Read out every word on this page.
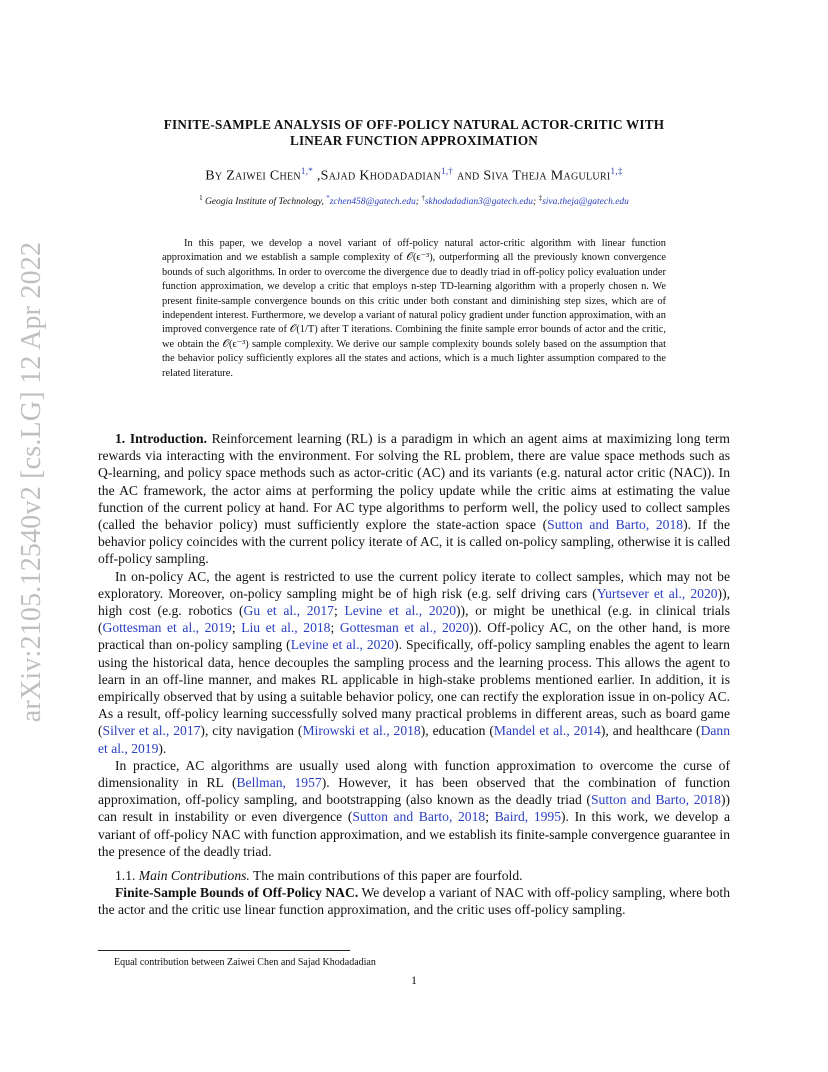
arXiv:2105.12540v2 [cs.LG] 12 Apr 2022
FINITE-SAMPLE ANALYSIS OF OFF-POLICY NATURAL ACTOR-CRITIC WITH
LINEAR FUNCTION APPROXIMATION
By Zaiwei Chen$^{1,*}$ ,Sajad Khodadadian$^{1,\dagger}$ and Siva Theja Maguluri$^{1,\ddagger}$
$^1$ Geogia Institute of Technology, *zchen458@gatech.edu; †skhodadadian3@gatech.edu; ‡siva.theja@gatech.edu

In this paper, we develop a novel variant of off-policy natural actor-critic algorithm with linear function approximation and we establish a sample complexity of 𝒪(ϵ⁻³), outperforming all the previously known convergence bounds of such algorithms. In order to overcome the divergence due to deadly triad in off-policy policy evaluation under function approximation, we develop a critic that employs n-step TD-learning algorithm with a properly chosen n. We present finite-sample convergence bounds on this critic under both constant and diminishing step sizes, which are of independent interest. Furthermore, we develop a variant of natural policy gradient under function approximation, with an improved convergence rate of 𝒪(1/T) after T iterations. Combining the finite sample error bounds of actor and the critic, we obtain the 𝒪(ϵ⁻³) sample complexity. We derive our sample complexity bounds solely based on the assumption that the behavior policy sufficiently explores all the states and actions, which is a much lighter assumption compared to the related literature.

1. Introduction. Reinforcement learning (RL) is a paradigm in which an agent aims at maximizing long term rewards via interacting with the environment. For solving the RL problem, there are value space methods such as Q-learning, and policy space methods such as actor-critic (AC) and its variants (e.g. natural actor critic (NAC)). In the AC framework, the actor aims at performing the policy update while the critic aims at estimating the value function of the current policy at hand. For AC type algorithms to perform well, the policy used to collect samples (called the behavior policy) must sufficiently explore the state-action space (Sutton and Barto, 2018). If the behavior policy coincides with the current policy iterate of AC, it is called on-policy sampling, otherwise it is called off-policy sampling.

In on-policy AC, the agent is restricted to use the current policy iterate to collect samples, which may not be exploratory. Moreover, on-policy sampling might be of high risk (e.g. self driving cars (Yurtsever et al., 2020)), high cost (e.g. robotics (Gu et al., 2017; Levine et al., 2020)), or might be unethical (e.g. in clinical trials (Gottesman et al., 2019; Liu et al., 2018; Gottesman et al., 2020)). Off-policy AC, on the other hand, is more practical than on-policy sampling (Levine et al., 2020). Specifically, off-policy sampling enables the agent to learn using the historical data, hence decouples the sampling process and the learning process. This allows the agent to learn in an off-line manner, and makes RL applicable in high-stake problems mentioned earlier. In addition, it is empirically observed that by using a suitable behavior policy, one can rectify the exploration issue in on-policy AC. As a result, off-policy learning successfully solved many practical problems in different areas, such as board game (Silver et al., 2017), city navigation (Mirowski et al., 2018), education (Mandel et al., 2014), and healthcare (Dann et al., 2019).

In practice, AC algorithms are usually used along with function approximation to overcome the curse of dimensionality in RL (Bellman, 1957). However, it has been observed that the combination of function approximation, off-policy sampling, and bootstrapping (also known as the deadly triad (Sutton and Barto, 2018)) can result in instability or even divergence (Sutton and Barto, 2018; Baird, 1995). In this work, we develop a variant of off-policy NAC with function approximation, and we establish its finite-sample convergence guarantee in the presence of the deadly triad.

1.1. Main Contributions. The main contributions of this paper are fourfold.

Finite-Sample Bounds of Off-Policy NAC. We develop a variant of NAC with off-policy sampling, where both the actor and the critic use linear function approximation, and the critic uses off-policy sampling.

Equal contribution between Zaiwei Chen and Sajad Khodadadian
1
